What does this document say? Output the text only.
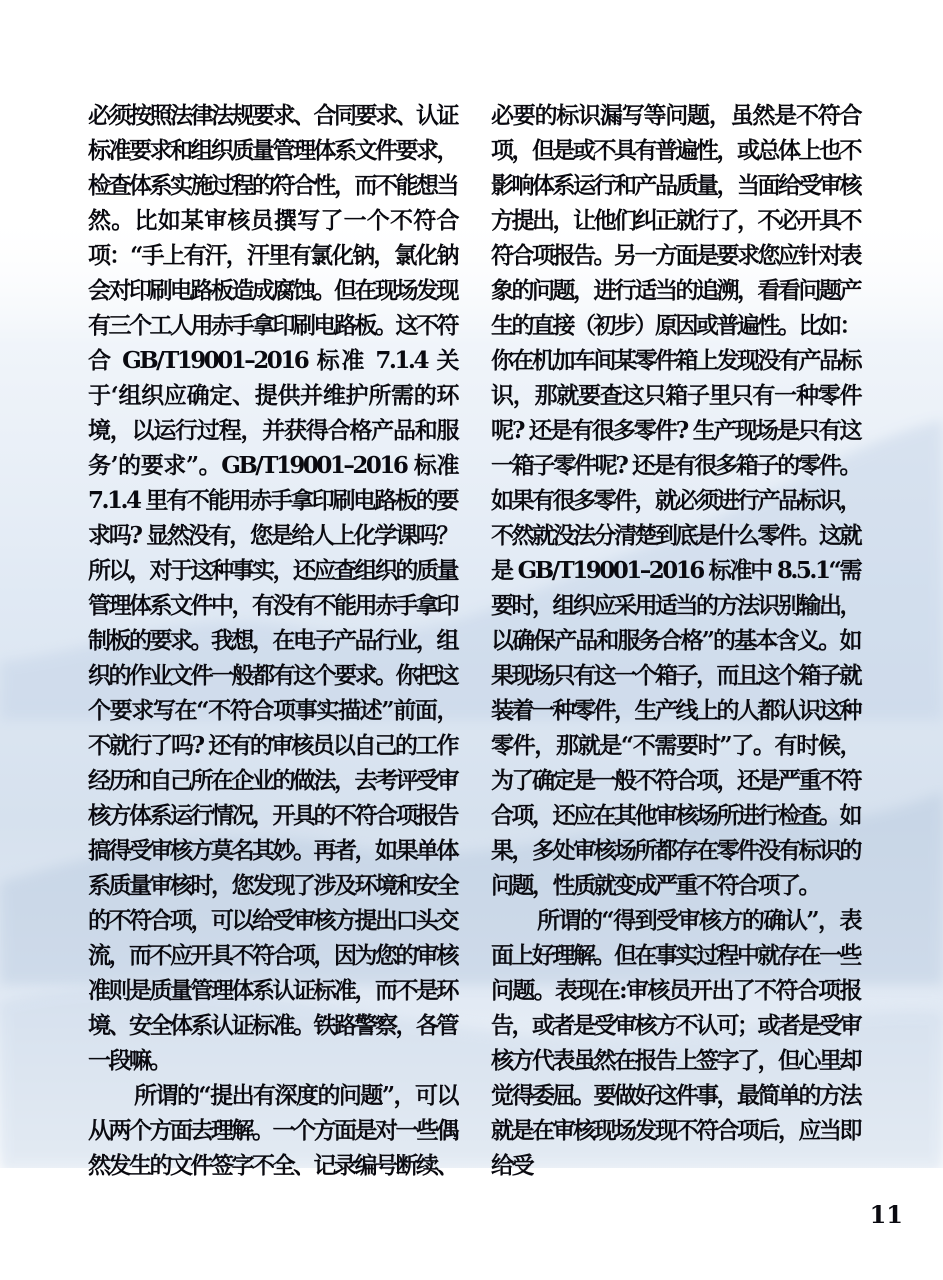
必须按照法律法规要求、合同要求、认证标准要求和组织质量管理体系文件要求，检查体系实施过程的符合性，而不能想当然。比如某审核员撰写了一个不符合项：“手上有汗，汗里有氯化钠，氯化钠会对印刷电路板造成腐蚀。但在现场发现有三个工人用赤手拿印刷电路板。这不符合 GB/T19001–2016 标准 7.1.4 关于‘组织应确定、提供并维护所需的环境，以运行过程，并获得合格产品和服务’的要求”。GB/T19001–2016 标准 7.1.4 里有不能用赤手拿印刷电路板的要求吗? 显然没有，您是给人上化学课吗？所以，对于这种事实，还应查组织的质量管理体系文件中，有没有不能用赤手拿印制板的要求。我想，在电子产品行业，组织的作业文件一般都有这个要求。你把这个要求写在“不符合项事实描述”前面，不就行了吗? 还有的审核员以自己的工作经历和自己所在企业的做法，去考评受审核方体系运行情况，开具的不符合项报告搞得受审核方莫名其妙。再者，如果单体系质量审核时，您发现了涉及环境和安全的不符合项，可以给受审核方提出口头交流，而不应开具不符合项，因为您的审核准则是质量管理体系认证标准，而不是环境、安全体系认证标准。铁路警察，各管一段嘛。

所谓的“提出有深度的问题”，可以从两个方面去理解。一个方面是对一些偶然发生的文件签字不全、记录编号断续、

必要的标识漏写等问题，虽然是不符合项，但是或不具有普遍性，或总体上也不影响体系运行和产品质量，当面给受审核方提出，让他们纠正就行了，不必开具不符合项报告。另一方面是要求您应针对表象的问题，进行适当的追溯，看看问题产生的直接（初步）原因或普遍性。比如：你在机加车间某零件箱上发现没有产品标识，那就要查这只箱子里只有一种零件呢? 还是有很多零件? 生产现场是只有这一箱子零件呢? 还是有很多箱子的零件。如果有很多零件，就必须进行产品标识，不然就没法分清楚到底是什么零件。这就是 GB/T19001–2016 标准中 8.5.1“需要时，组织应采用适当的方法识别输出，以确保产品和服务合格”的基本含义。如果现场只有这一个箱子，而且这个箱子就装着一种零件，生产线上的人都认识这种零件，那就是“不需要时”了。有时候，为了确定是一般不符合项，还是严重不符合项，还应在其他审核场所进行检查。如果，多处审核场所都存在零件没有标识的问题，性质就变成严重不符合项了。

所谓的“得到受审核方的确认”，表面上好理解。但在事实过程中就存在一些问题。表现在:审核员开出了不符合项报告，或者是受审核方不认可；或者是受审核方代表虽然在报告上签字了，但心里却觉得委屈。要做好这件事，最简单的方法就是在审核现场发现不符合项后，应当即给受

11
